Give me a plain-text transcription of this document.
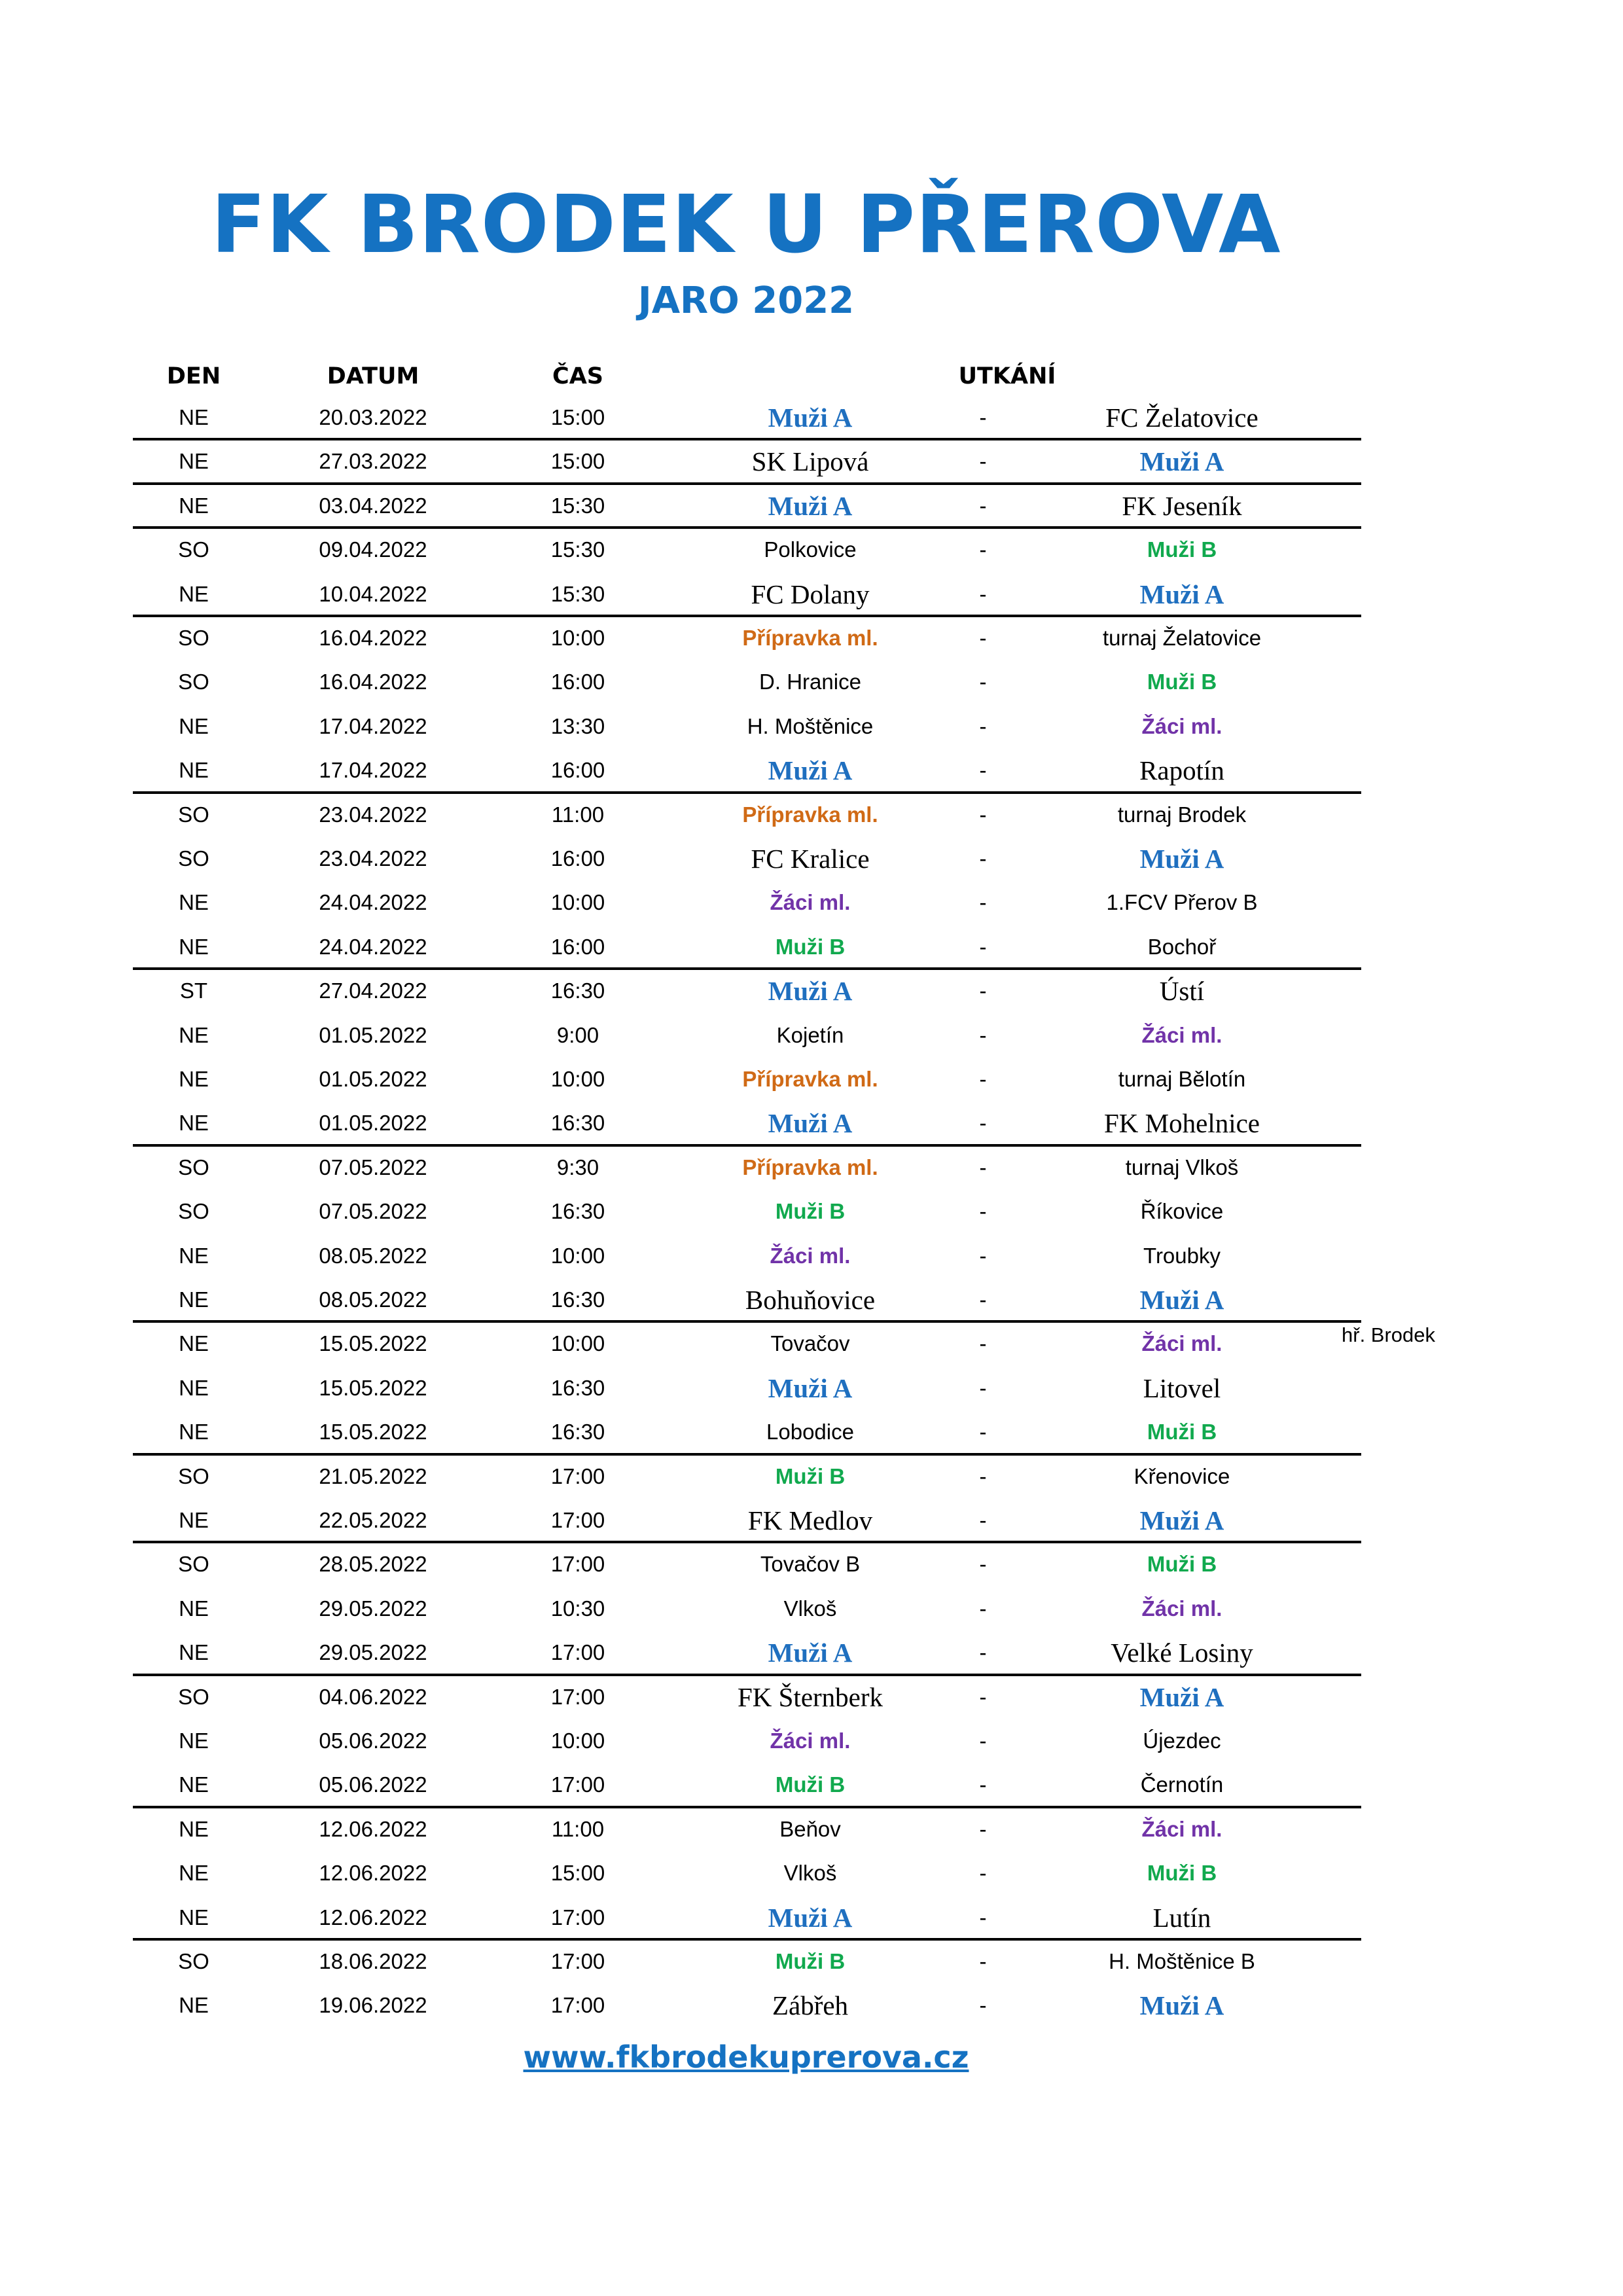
FK BRODEK U PŘEROVA
JARO 2022
DEN	DATUM	ČAS	UTKÁNÍ
NE	20.03.2022	15:00	Muži A	-	FC Želatovice
NE	27.03.2022	15:00	SK Lipová	-	Muži A
NE	03.04.2022	15:30	Muži A	-	FK Jeseník
SO	09.04.2022	15:30	Polkovice	-	Muži B
NE	10.04.2022	15:30	FC Dolany	-	Muži A
SO	16.04.2022	10:00	Přípravka ml.	-	turnaj Želatovice
SO	16.04.2022	16:00	D. Hranice	-	Muži B
NE	17.04.2022	13:30	H. Moštěnice	-	Žáci ml.
NE	17.04.2022	16:00	Muži A	-	Rapotín
SO	23.04.2022	11:00	Přípravka ml.	-	turnaj Brodek
SO	23.04.2022	16:00	FC Kralice	-	Muži A
NE	24.04.2022	10:00	Žáci ml.	-	1.FCV Přerov B
NE	24.04.2022	16:00	Muži B	-	Bochoř
ST	27.04.2022	16:30	Muži A	-	Ústí
NE	01.05.2022	9:00	Kojetín	-	Žáci ml.
NE	01.05.2022	10:00	Přípravka ml.	-	turnaj Bělotín
NE	01.05.2022	16:30	Muži A	-	FK Mohelnice
SO	07.05.2022	9:30	Přípravka ml.	-	turnaj Vlkoš
SO	07.05.2022	16:30	Muži B	-	Říkovice
NE	08.05.2022	10:00	Žáci ml.	-	Troubky
NE	08.05.2022	16:30	Bohuňovice	-	Muži A
NE	15.05.2022	10:00	Tovačov	-	Žáci ml.
NE	15.05.2022	16:30	Muži A	-	Litovel
NE	15.05.2022	16:30	Lobodice	-	Muži B
SO	21.05.2022	17:00	Muži B	-	Křenovice
NE	22.05.2022	17:00	FK Medlov	-	Muži A
SO	28.05.2022	17:00	Tovačov B	-	Muži B
NE	29.05.2022	10:30	Vlkoš	-	Žáci ml.
NE	29.05.2022	17:00	Muži A	-	Velké Losiny
SO	04.06.2022	17:00	FK Šternberk	-	Muži A
NE	05.06.2022	10:00	Žáci ml.	-	Újezdec
NE	05.06.2022	17:00	Muži B	-	Černotín
NE	12.06.2022	11:00	Beňov	-	Žáci ml.
NE	12.06.2022	15:00	Vlkoš	-	Muži B
NE	12.06.2022	17:00	Muži A	-	Lutín
SO	18.06.2022	17:00	Muži B	-	H. Moštěnice B
NE	19.06.2022	17:00	Zábřeh	-	Muži A
hř. Brodek
www.fkbrodekuprerova.cz
